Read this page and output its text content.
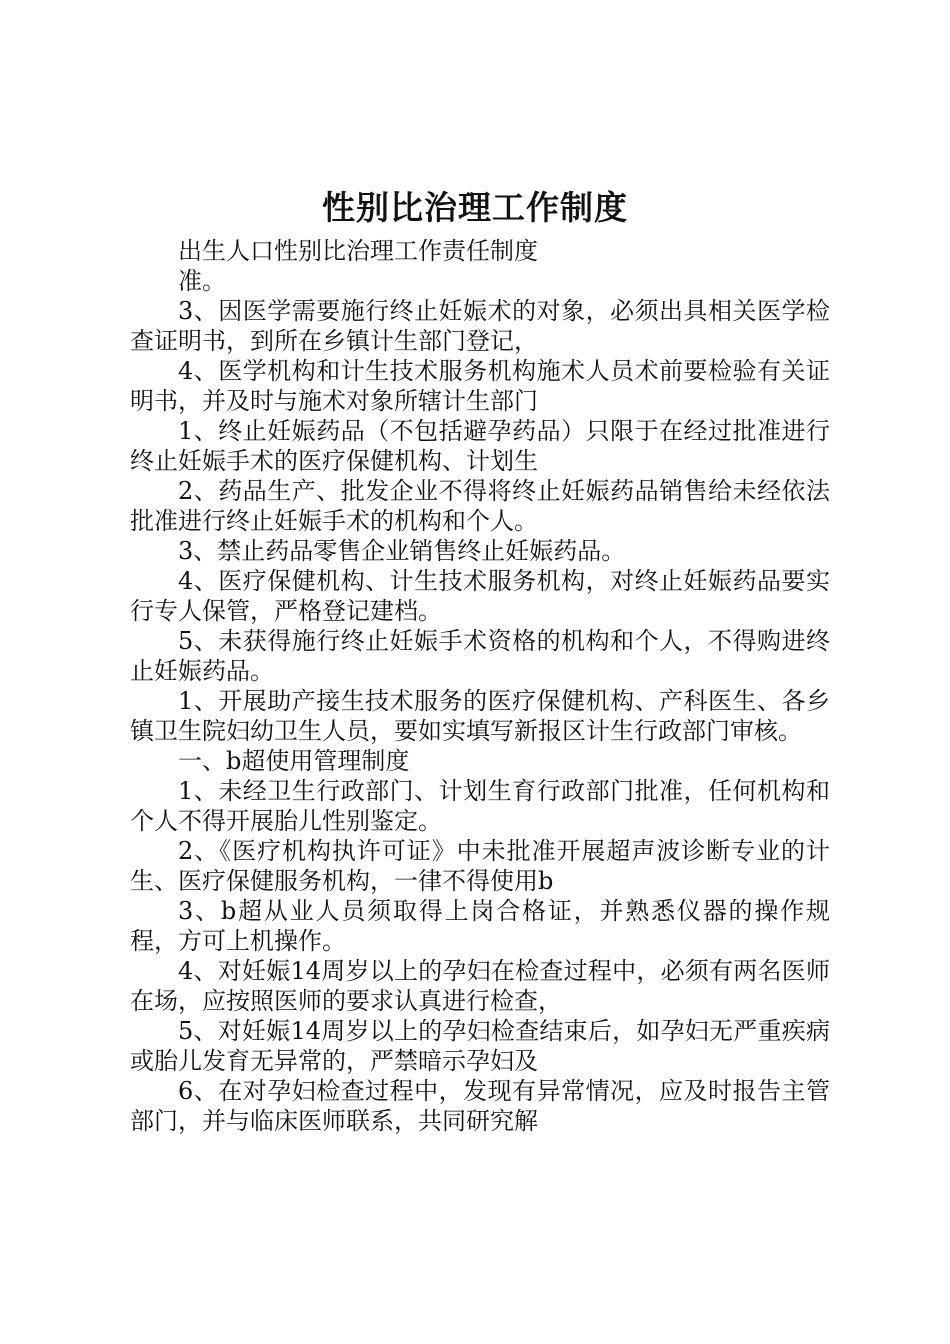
性别比治理工作制度

出生人口性别比治理工作责任制度

准。

3、因医学需要施行终止妊娠术的对象，必须出具相关医学检查证明书，到所在乡镇计生部门登记，

4、医学机构和计生技术服务机构施术人员术前要检验有关证明书，并及时与施术对象所辖计生部门

1、终止妊娠药品（不包括避孕药品）只限于在经过批准进行终止妊娠手术的医疗保健机构、计划生

2、药品生产、批发企业不得将终止妊娠药品销售给未经依法批准进行终止妊娠手术的机构和个人。

3、禁止药品零售企业销售终止妊娠药品。

4、医疗保健机构、计生技术服务机构，对终止妊娠药品要实行专人保管，严格登记建档。

5、未获得施行终止妊娠手术资格的机构和个人，不得购进终止妊娠药品。

1、开展助产接生技术服务的医疗保健机构、产科医生、各乡镇卫生院妇幼卫生人员，要如实填写新报区计生行政部门审核。

一、b超使用管理制度

1、未经卫生行政部门、计划生育行政部门批准，任何机构和个人不得开展胎儿性别鉴定。

2、《医疗机构执许可证》中未批准开展超声波诊断专业的计生、医疗保健服务机构，一律不得使用b

3、b超从业人员须取得上岗合格证，并熟悉仪器的操作规程，方可上机操作。

4、对妊娠14周岁以上的孕妇在检查过程中，必须有两名医师在场，应按照医师的要求认真进行检查，

5、对妊娠14周岁以上的孕妇检查结束后，如孕妇无严重疾病或胎儿发育无异常的，严禁暗示孕妇及

6、在对孕妇检查过程中，发现有异常情况，应及时报告主管部门，并与临床医师联系，共同研究解
